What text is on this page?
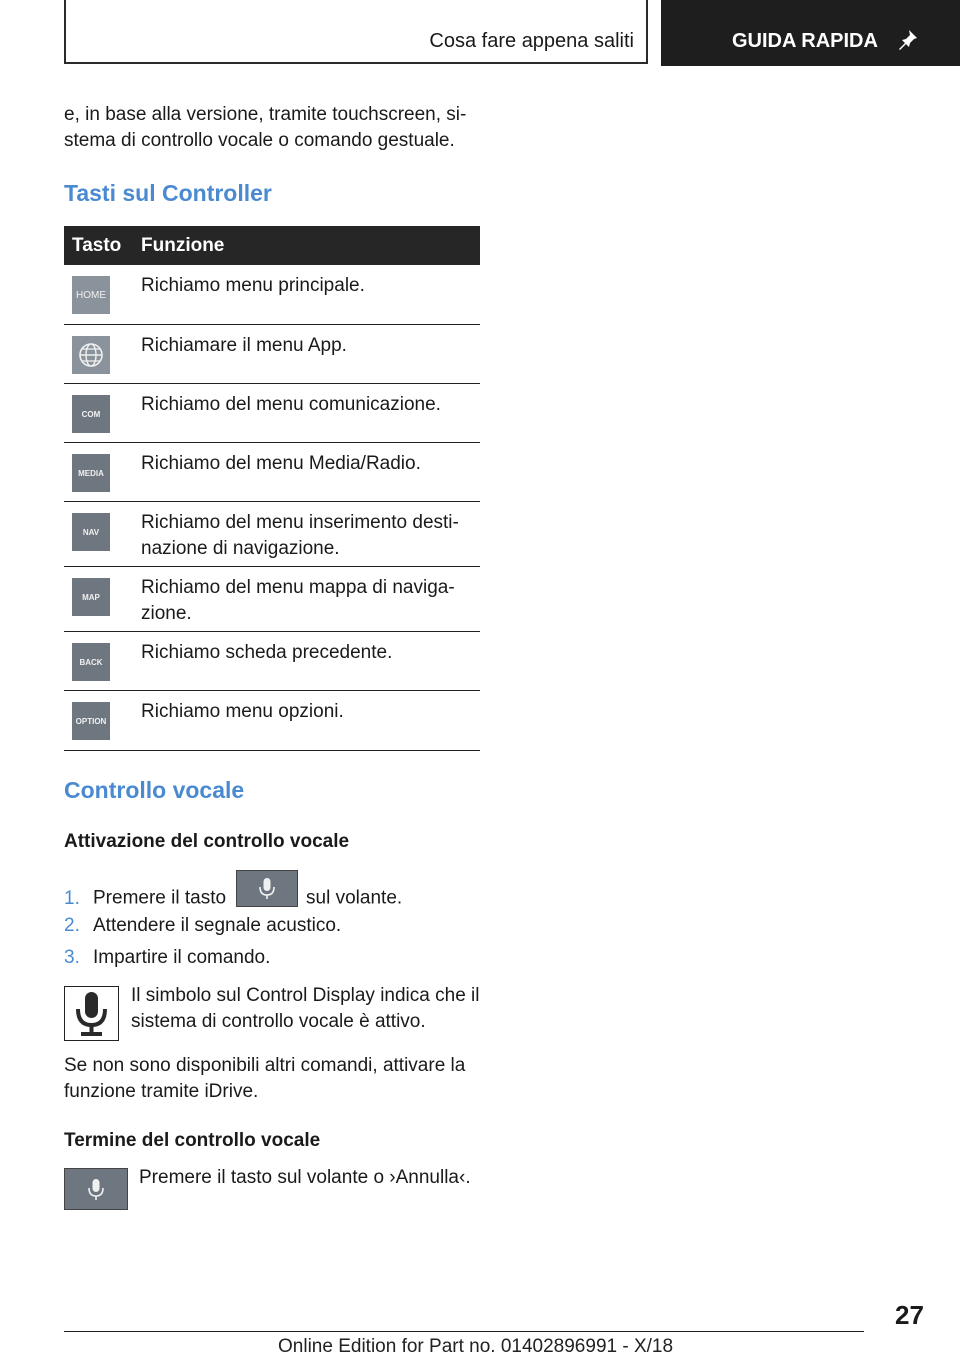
Cosa fare appena saliti	GUIDA RAPIDA

e, in base alla versione, tramite touchscreen, si-stema di controllo vocale o comando gestuale.

Tasti sul Controller
Tasto Funzione
HOME Richiamo menu principale.
Richiamare il menu App.
COM Richiamo del menu comunicazione.
MEDIA Richiamo del menu Media/Radio.
NAV Richiamo del menu inserimento desti-nazione di navigazione.
MAP Richiamo del menu mappa di naviga-zione.
BACK Richiamo scheda precedente.
OPTION Richiamo menu opzioni.
Controllo vocale
Attivazione del controllo vocale
1. Premere il tasto	sul volante.
2. Attendere il segnale acustico.
3. Impartire il comando.

Il simbolo sul Control Display indica che il sistema di controllo vocale è attivo.

Se non sono disponibili altri comandi, attivare la funzione tramite iDrive.

Termine del controllo vocale

Premere il tasto sul volante o ›Annulla‹.

27
Online Edition for Part no. 01402896991 - X/18
